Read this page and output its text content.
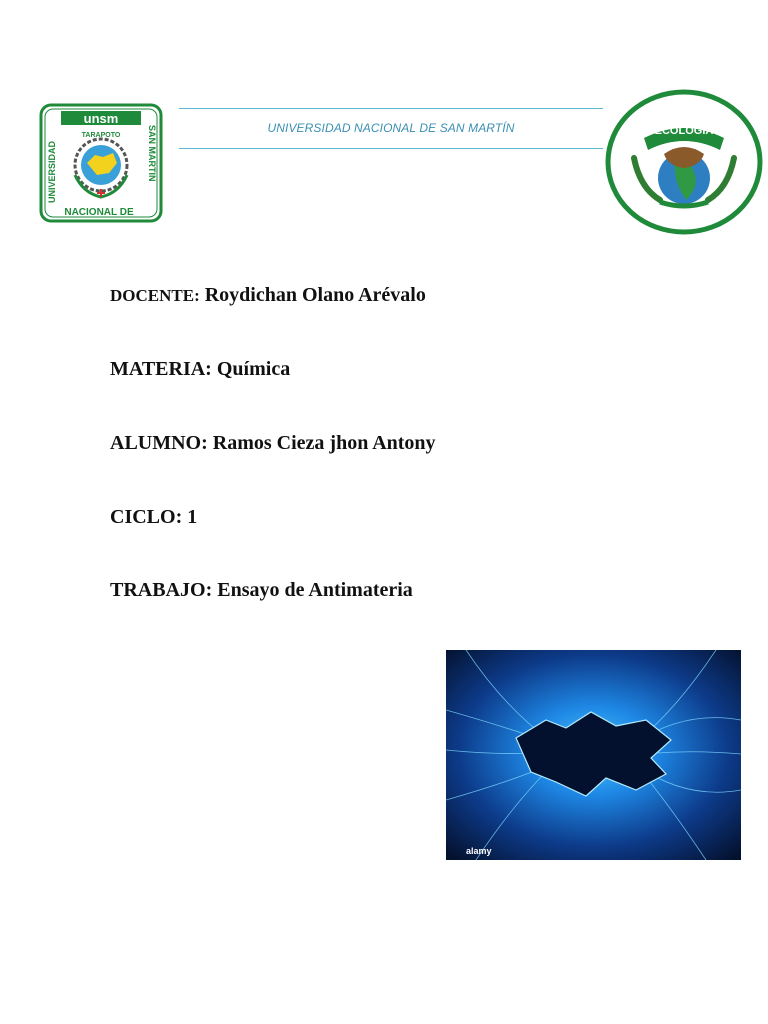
unsm
TARAPOTO
UNIVERSIDAD	SAN MARTIN
NACIONAL DE
UNIVERSIDAD NACIONAL DE SAN MARTÍN	ECOLOGIA
DOCENTE: Roydichan Olano Arévalo
MATERIA: Química
ALUMNO: Ramos Cieza jhon Antony
CICLO: 1
TRABAJO: Ensayo de Antimateria
alamy
